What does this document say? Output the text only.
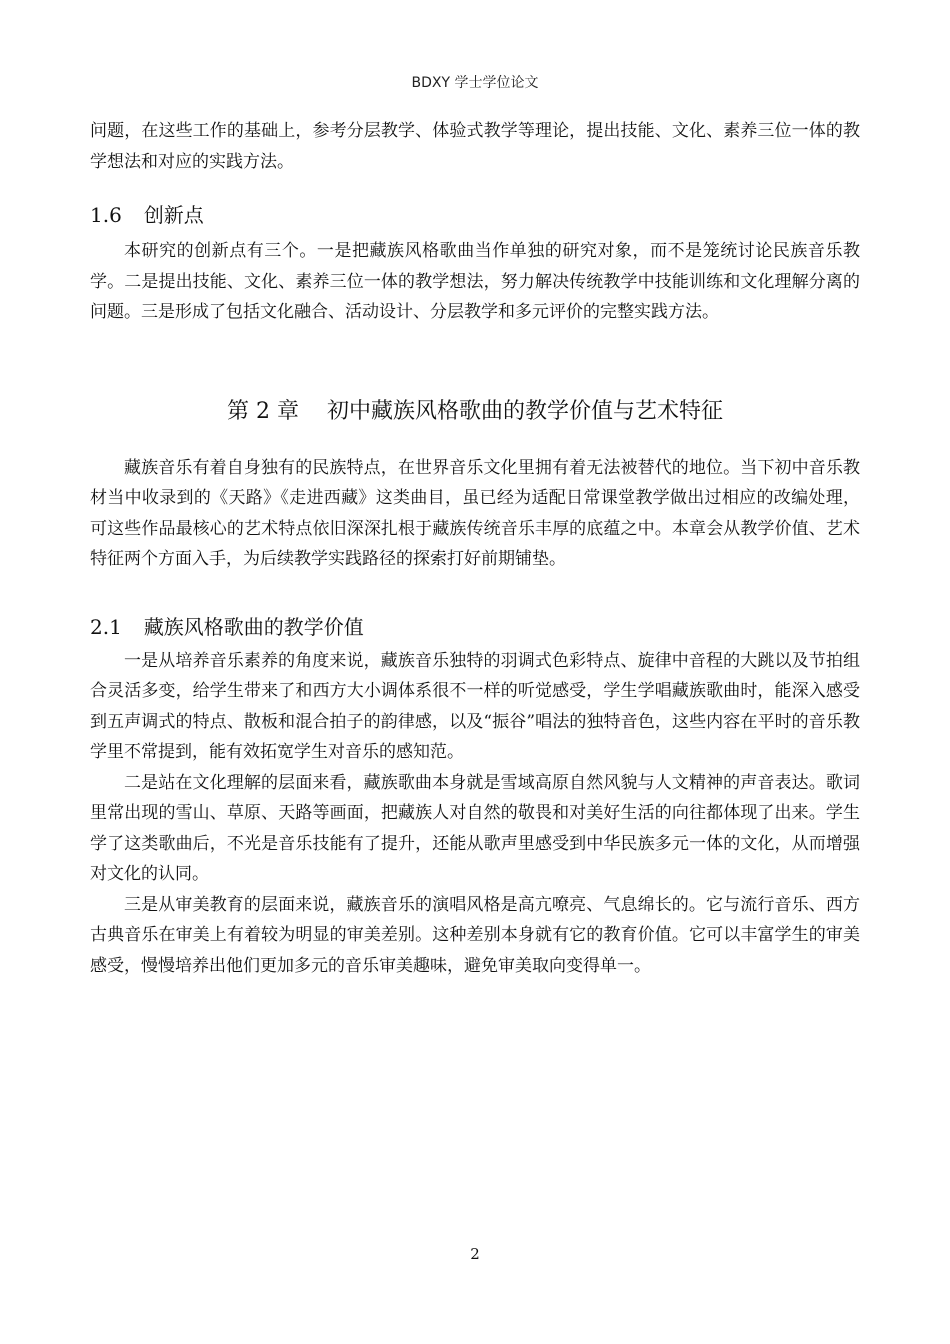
BDXY 学士学位论文

问题，在这些工作的基础上，参考分层教学、体验式教学等理论，提出技能、文化、素养三位一体的教学想法和对应的实践方法。

1.6 创新点

本研究的创新点有三个。一是把藏族风格歌曲当作单独的研究对象，而不是笼统讨论民族音乐教学。二是提出技能、文化、素养三位一体的教学想法，努力解决传统教学中技能训练和文化理解分离的问题。三是形成了包括文化融合、活动设计、分层教学和多元评价的完整实践方法。

第 2 章 初中藏族风格歌曲的教学价值与艺术特征

藏族音乐有着自身独有的民族特点，在世界音乐文化里拥有着无法被替代的地位。当下初中音乐教材当中收录到的《天路》《走进西藏》这类曲目，虽已经为适配日常课堂教学做出过相应的改编处理，可这些作品最核心的艺术特点依旧深深扎根于藏族传统音乐丰厚的底蕴之中。本章会从教学价值、艺术特征两个方面入手，为后续教学实践路径的探索打好前期铺垫。

2.1 藏族风格歌曲的教学价值

一是从培养音乐素养的角度来说，藏族音乐独特的羽调式色彩特点、旋律中音程的大跳以及节拍组合灵活多变，给学生带来了和西方大小调体系很不一样的听觉感受，学生学唱藏族歌曲时，能深入感受到五声调式的特点、散板和混合拍子的韵律感，以及“振谷”唱法的独特音色，这些内容在平时的音乐教学里不常提到，能有效拓宽学生对音乐的感知范。

二是站在文化理解的层面来看，藏族歌曲本身就是雪域高原自然风貌与人文精神的声音表达。歌词里常出现的雪山、草原、天路等画面，把藏族人对自然的敬畏和对美好生活的向往都体现了出来。学生学了这类歌曲后，不光是音乐技能有了提升，还能从歌声里感受到中华民族多元一体的文化，从而增强对文化的认同。

三是从审美教育的层面来说，藏族音乐的演唱风格是高亢嘹亮、气息绵长的。它与流行音乐、西方古典音乐在审美上有着较为明显的审美差别。这种差别本身就有它的教育价值。它可以丰富学生的审美感受，慢慢培养出他们更加多元的音乐审美趣味，避免审美取向变得单一。

2
